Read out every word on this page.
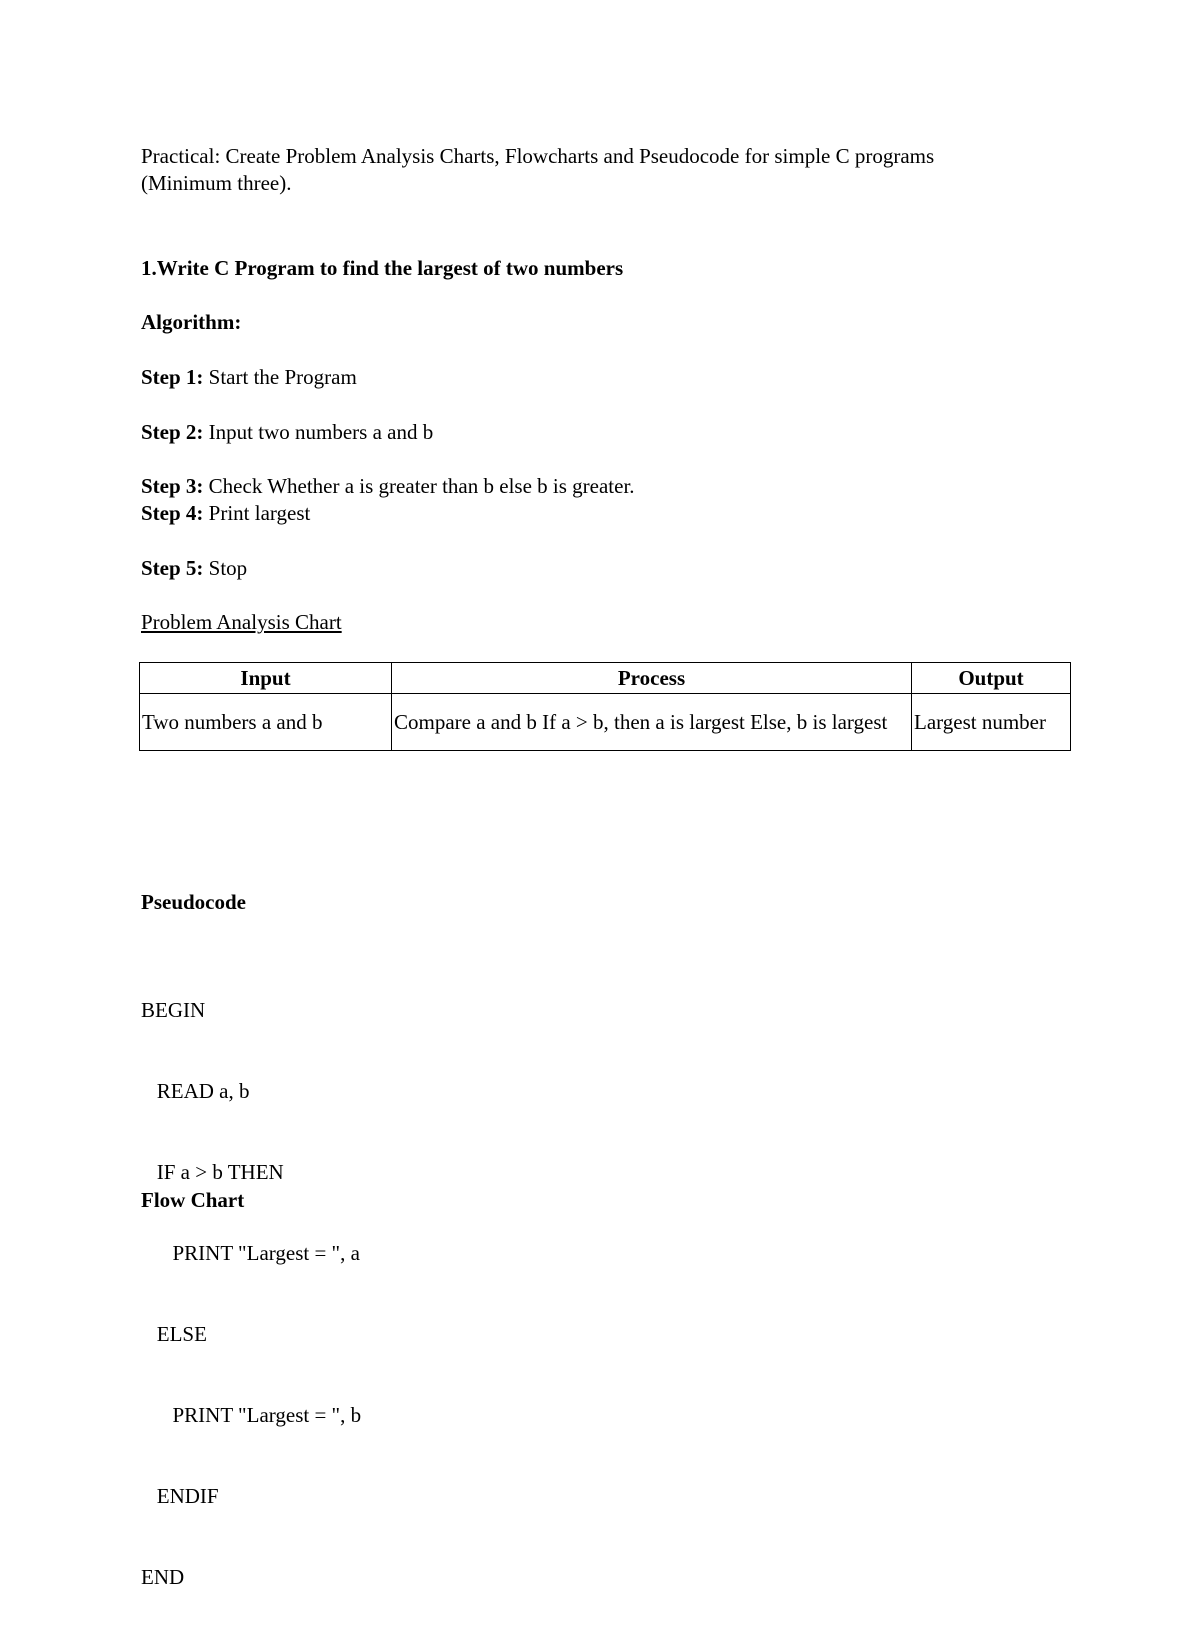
Practical: Create Problem Analysis Charts, Flowcharts and Pseudocode for simple C programs

(Minimum three).

1.Write C Program to find the largest of two numbers
Algorithm:
Step 1: Start the Program
Step 2: Input two numbers a and b
Step 3: Check Whether a is greater than b else b is greater.
Step 4: Print largest
Step 5: Stop
Problem Analysis Chart
Input	Process	Output
Two numbers a and b	Compare a and b If a > b, then a is largest Else, b is largest	Largest number
Pseudocode

BEGIN

READ a, b

IF a > b THEN

PRINT "Largest = ", a

ELSE

PRINT "Largest = ", b

ENDIF

END

Flow Chart
